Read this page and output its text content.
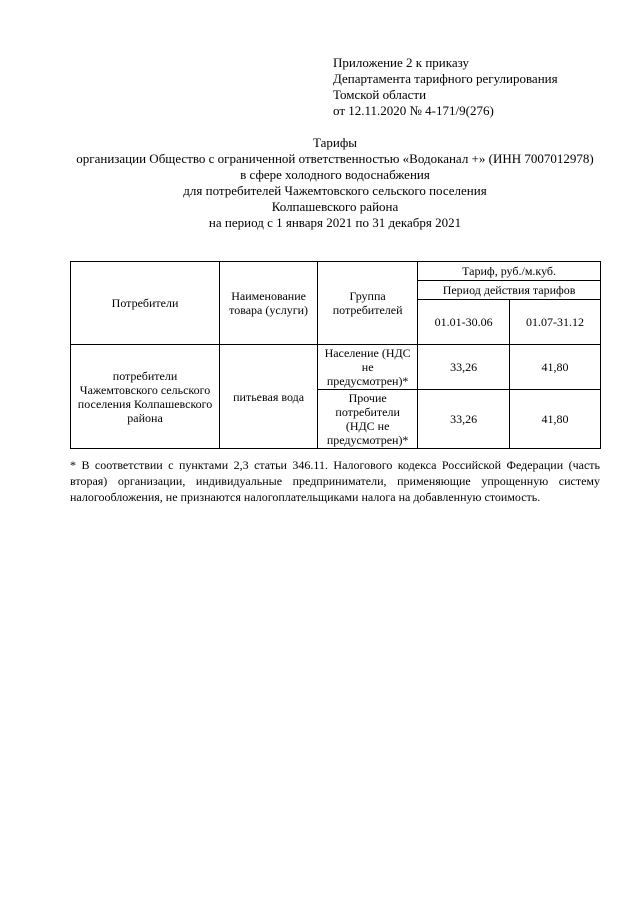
Приложение 2 к приказу
Департамента тарифного регулирования
Томской области
от 12.11.2020 № 4-171/9(276)
Тарифы
организации Общество с ограниченной ответственностью «Водоканал +» (ИНН 7007012978)
в сфере холодного водоснабжения
для потребителей Чажемтовского сельского поселения
Колпашевского района
на период с 1 января 2021 по 31 декабря 2021
Потребители	Наименование товара (услуги)	Группа потребителей	Тариф, руб./м.куб.	
			Период действия тарифов	
			01.01-30.06	01.07-31.12
потребители Чажемтовского сельского поселения Колпашевского района	питьевая вода	Население (НДС не предусмотрен)*	33,26	41,80
		Прочие потребители (НДС не предусмотрен)*	33,26	41,80
* В соответствии с пунктами 2,3 статьи 346.11. Налогового кодекса Российской Федерации (часть вторая) организации, индивидуальные предприниматели, применяющие упрощенную систему налогообложения, не признаются налогоплательщиками налога на добавленную стоимость.
